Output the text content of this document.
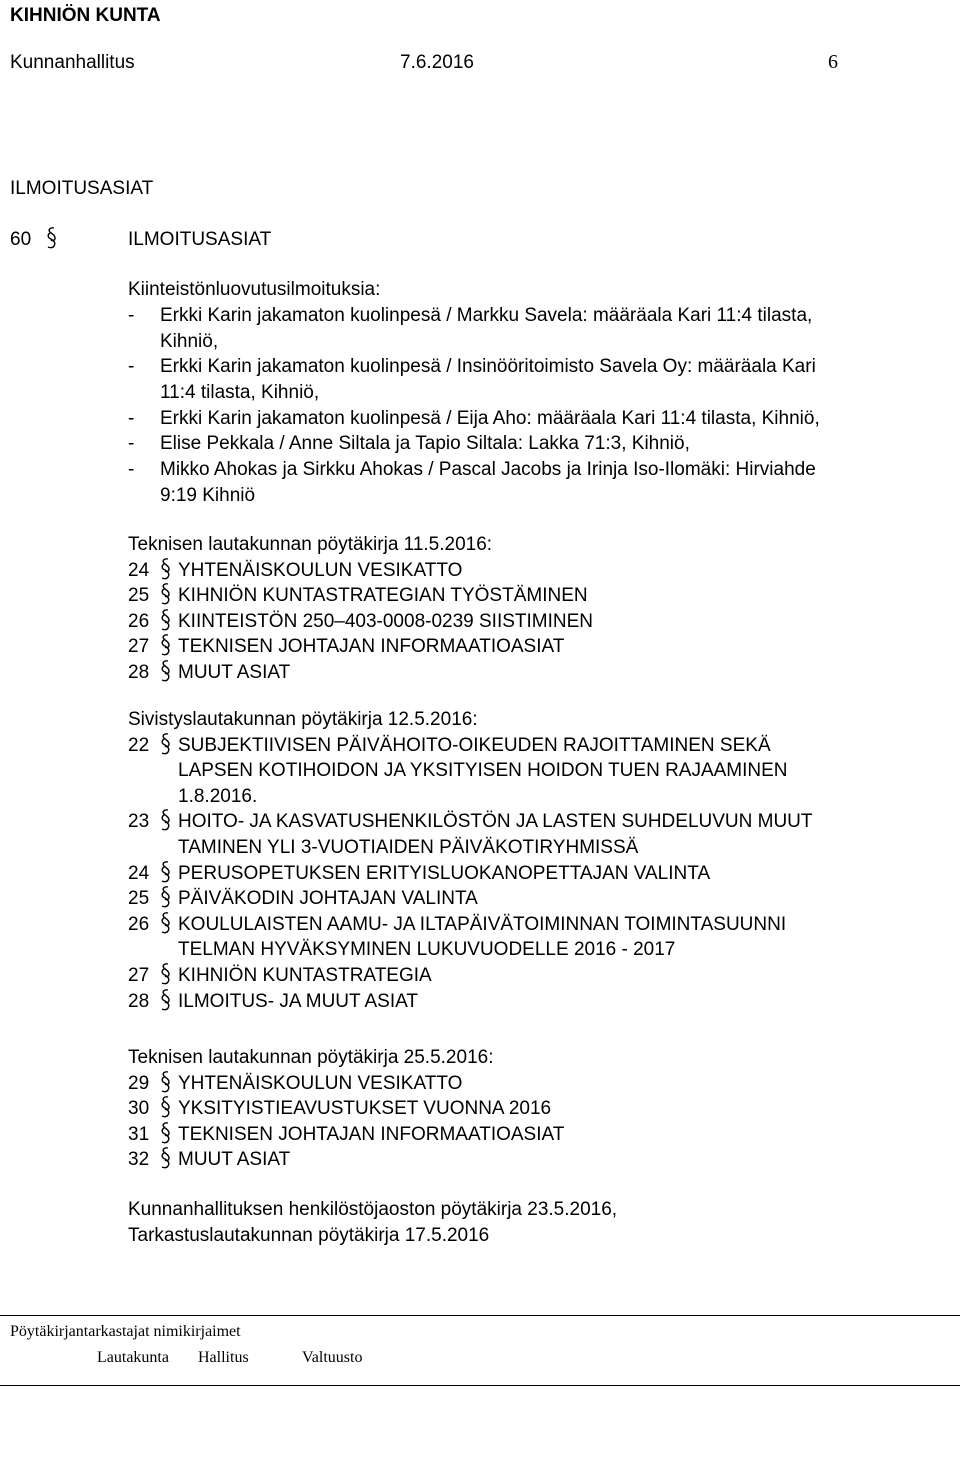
KIHNIÖN KUNTA
Kunnanhallitus	7.6.2016	6
ILMOITUSASIAT
60	ILMOITUSASIAT
Kiinteistönluovutusilmoituksia:
- Erkki Karin jakamaton kuolinpesä / Markku Savela: määräala Kari 11:4 tilasta,
Kihniö,
- Erkki Karin jakamaton kuolinpesä / Insinööritoimisto Savela Oy: määräala Kari
11:4 tilasta, Kihniö,
- Erkki Karin jakamaton kuolinpesä / Eija Aho: määräala Kari 11:4 tilasta, Kihniö,
- Elise Pekkala / Anne Siltala ja Tapio Siltala: Lakka 71:3, Kihniö,
- Mikko Ahokas ja Sirkku Ahokas / Pascal Jacobs ja Irinja Iso-Ilomäki: Hirviahde
9:19 Kihniö
Teknisen lautakunnan pöytäkirja 11.5.2016:
24 YHTENÄISKOULUN VESIKATTO
25 KIHNIÖN KUNTASTRATEGIAN TYÖSTÄMINEN
26 KIINTEISTÖN 250–403-0008-0239 SIISTIMINEN
27 TEKNISEN JOHTAJAN INFORMAATIOASIAT
28 MUUT ASIAT
Sivistyslautakunnan pöytäkirja 12.5.2016:
22 SUBJEKTIIVISEN PÄIVÄHOITO-OIKEUDEN RAJOITTAMINEN SEKÄ
LAPSEN KOTIHOIDON JA YKSITYISEN HOIDON TUEN RAJAAMINEN
1.8.2016.
23 HOITO- JA KASVATUSHENKILÖSTÖN JA LASTEN SUHDELUVUN MUUT
TAMINEN YLI 3-VUOTIAIDEN PÄIVÄKOTIRYHMISSÄ
24 PERUSOPETUKSEN ERITYISLUOKANOPETTAJAN VALINTA
25 PÄIVÄKODIN JOHTAJAN VALINTA
26 KOULULAISTEN AAMU- JA ILTAPÄIVÄTOIMINNAN TOIMINTASUUNNI
TELMAN HYVÄKSYMINEN LUKUVUODELLE 2016 - 2017
27 KIHNIÖN KUNTASTRATEGIA
28 ILMOITUS- JA MUUT ASIAT
Teknisen lautakunnan pöytäkirja 25.5.2016:
29 YHTENÄISKOULUN VESIKATTO
30 YKSITYISTIEAVUSTUKSET VUONNA 2016
31 TEKNISEN JOHTAJAN INFORMAATIOASIAT
32 MUUT ASIAT
Kunnanhallituksen henkilöstöjaoston pöytäkirja 23.5.2016,
Tarkastuslautakunnan pöytäkirja 17.5.2016
Pöytäkirjantarkastajat nimikirjaimet
Lautakunta Hallitus	Valtuusto
